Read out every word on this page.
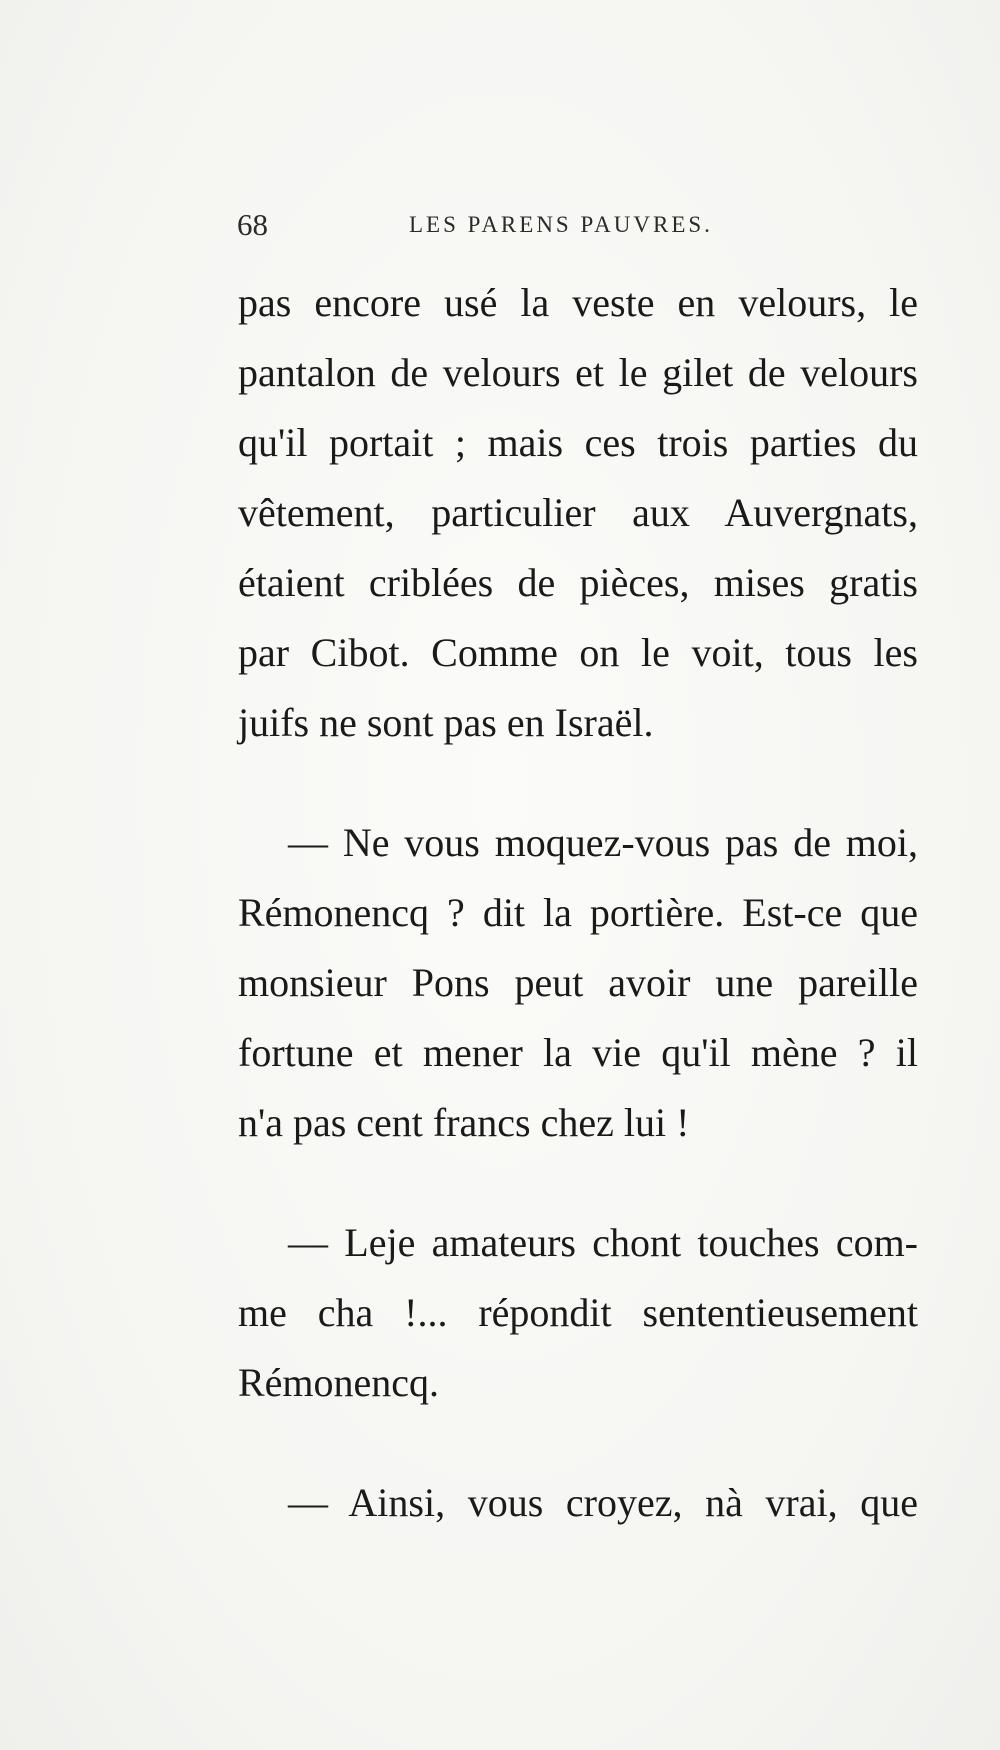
68	LES PARENS PAUVRES.
pas encore usé la veste en velours, le
pantalon de velours et le gilet de velours
qu'il portait ; mais ces trois parties du
vêtement, particulier aux Auvergnats,
étaient criblées de pièces, mises gratis
par Cibot. Comme on le voit, tous les
juifs ne sont pas en Israël.
— Ne vous moquez-vous pas de moi,
Rémonencq ? dit la portière. Est-ce que
monsieur Pons peut avoir une pareille
fortune et mener la vie qu'il mène ? il
n'a pas cent francs chez lui !
— Leje amateurs chont touches com-
me cha !... répondit sententieusement
Rémonencq.
— Ainsi, vous croyez, nà vrai, que
